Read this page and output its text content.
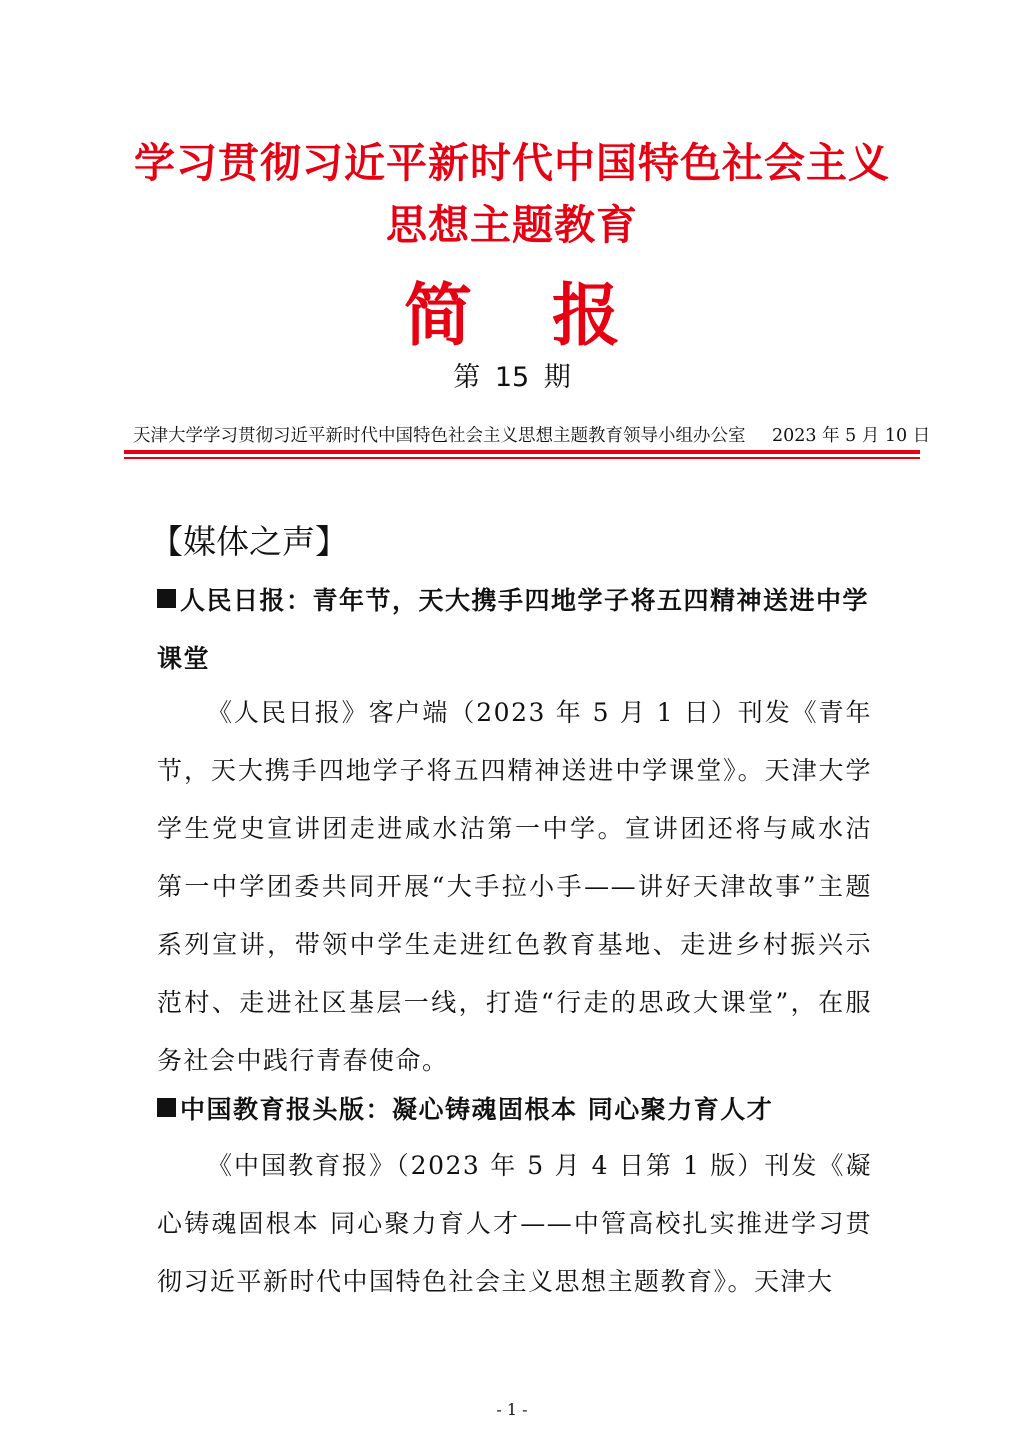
学习贯彻习近平新时代中国特色社会主义
思想主题教育
简报
第 15 期
天津大学学习贯彻习近平新时代中国特色社会主义思想主题教育领导小组办公室 2023 年 5 月 10 日
【媒体之声】
人民日报：青年节，天大携手四地学子将五四精神送进中学课堂
《人民日报》客户端（2023 年 5 月 1 日）刊发《青年节，天大携手四地学子将五四精神送进中学课堂》。天津大学学生党史宣讲团走进咸水沽第一中学。宣讲团还将与咸水沽第一中学团委共同开展“大手拉小手——讲好天津故事”主题系列宣讲，带领中学生走进红色教育基地、走进乡村振兴示范村、走进社区基层一线，打造“行走的思政大课堂”，在服务社会中践行青春使命。
中国教育报头版：凝心铸魂固根本 同心聚力育人才
《中国教育报》（2023 年 5 月 4 日第 1 版）刊发《凝心铸魂固根本 同心聚力育人才——中管高校扎实推进学习贯彻习近平新时代中国特色社会主义思想主题教育》。天津大
- 1 -
